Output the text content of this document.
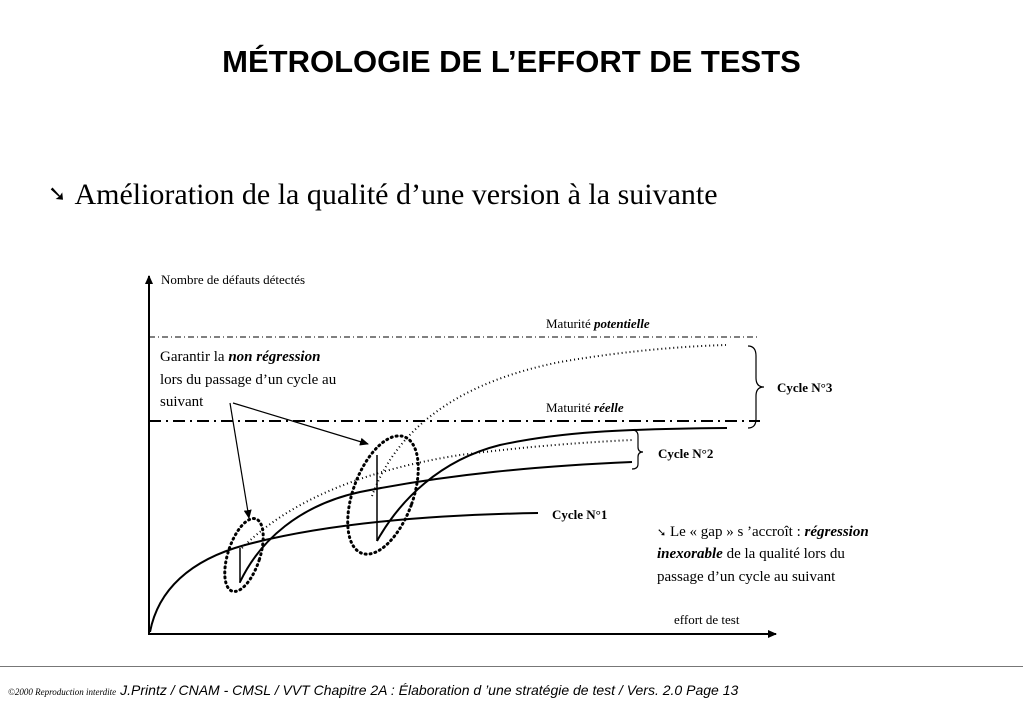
MÉTROLOGIE DE L’EFFORT DE TESTS
➘ Amélioration de la qualité d’une version à la suivante
Nombre de défauts détectés
effort de test
Maturité potentielle
Maturité réelle
Garantir la non régression lors du passage d’un cycle au suivant
Cycle N°1
Cycle N°2
Cycle N°3
➘ Le « gap » s ’accroît : régression inexorable de la qualité lors du passage d’un cycle au suivant
©2000 Reproduction interdite J.Printz / CNAM - CMSL / VVT Chapitre 2A : Élaboration d ’une stratégie de test / Vers. 2.0 Page 13
